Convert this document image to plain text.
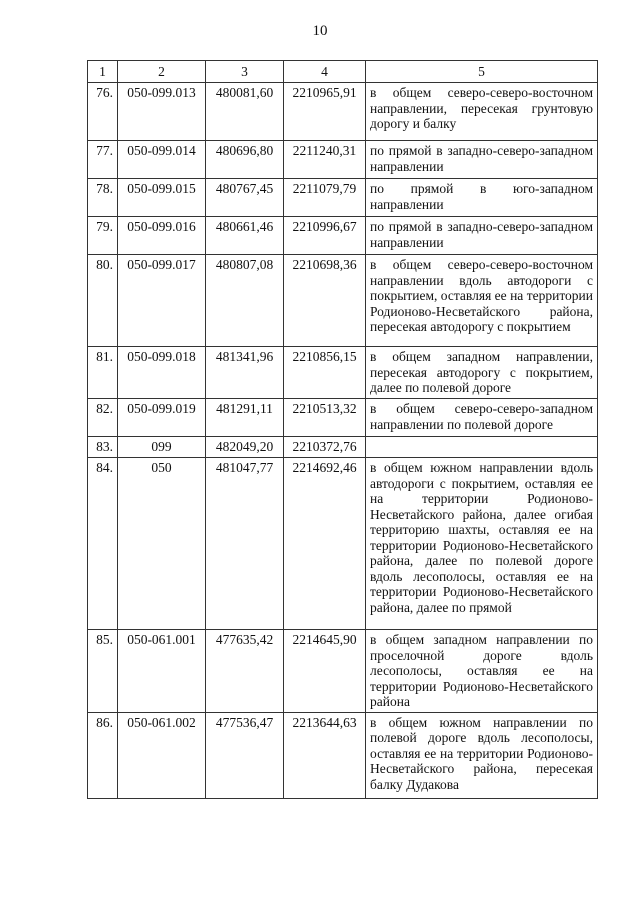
10
1	2	3	4	5
76.	050-099.013	480081,60	2210965,91	в общем северо-северо-восточном направлении, пересекая грунтовую дорогу и балку
77.	050-099.014	480696,80	2211240,31	по прямой в западно-северо-западном направлении
78.	050-099.015	480767,45	2211079,79	по прямой в юго-западном направлении
79.	050-099.016	480661,46	2210996,67	по прямой в западно-северо-западном направлении
80.	050-099.017	480807,08	2210698,36	в общем северо-северо-восточном направлении вдоль автодороги с покрытием, оставляя ее на территории Родионово-Несветайского района, пересекая автодорогу с покрытием
81.	050-099.018	481341,96	2210856,15	в общем западном направлении, пересекая автодорогу с покрытием, далее по полевой дороге
82.	050-099.019	481291,11	2210513,32	в общем северо-северо-западном направлении по полевой дороге
83.	099	482049,20	2210372,76	
84.	050	481047,77	2214692,46	в общем южном направлении вдоль автодороги с покрытием, оставляя ее на территории Родионово-Несветайского района, далее огибая территорию шахты, оставляя ее на территории Родионово-Несветайского района, далее по полевой дороге вдоль лесополосы, оставляя ее на территории Родионово-Несветайского района, далее по прямой
85.	050-061.001	477635,42	2214645,90	в общем западном направлении по проселочной дороге вдоль лесополосы, оставляя ее на территории Родионово-Несветайского района
86.	050-061.002	477536,47	2213644,63	в общем южном направлении по полевой дороге вдоль лесополосы, оставляя ее на территории Родионово-Несветайского района, пересекая балку Дудакова
